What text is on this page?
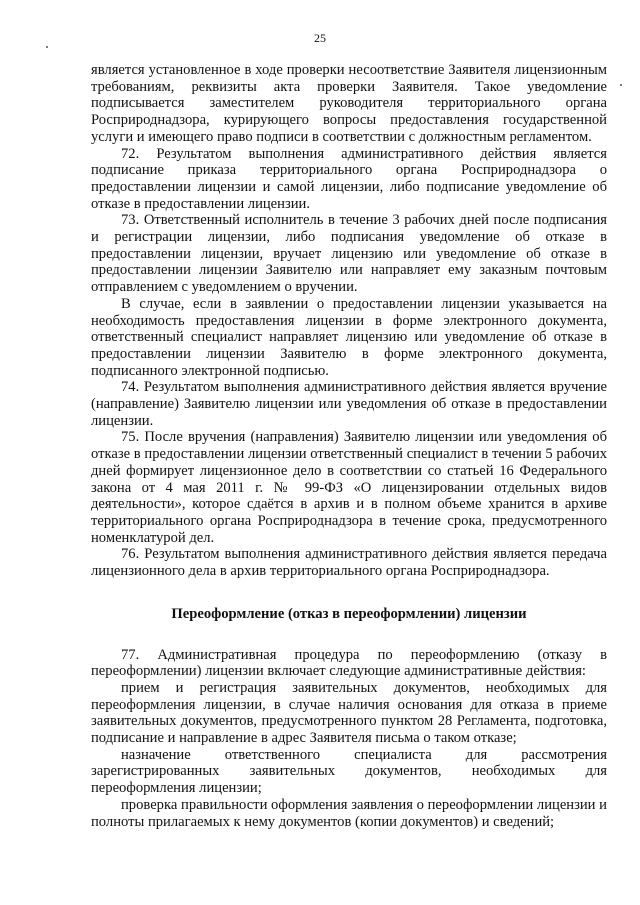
25

является установленное в ходе проверки несоответствие Заявителя лицензионным требованиям, реквизиты акта проверки Заявителя. Такое уведомление подписывается заместителем руководителя территориального органа Росприроднадзора, курирующего вопросы предоставления государственной услуги и имеющего право подписи в соответствии с должностным регламентом.

72. Результатом выполнения административного действия является подписание приказа территориального органа Росприроднадзора о предоставлении лицензии и самой лицензии, либо подписание уведомление об отказе в предоставлении лицензии.

73. Ответственный исполнитель в течение 3 рабочих дней после подписания и регистрации лицензии, либо подписания уведомление об отказе в предоставлении лицензии, вручает лицензию или уведомление об отказе в предоставлении лицензии Заявителю или направляет ему заказным почтовым отправлением с уведомлением о вручении.

В случае, если в заявлении о предоставлении лицензии указывается на необходимость предоставления лицензии в форме электронного документа, ответственный специалист направляет лицензию или уведомление об отказе в предоставлении лицензии Заявителю в форме электронного документа, подписанного электронной подписью.

74. Результатом выполнения административного действия является вручение (направление) Заявителю лицензии или уведомления об отказе в предоставлении лицензии.

75. После вручения (направления) Заявителю лицензии или уведомления об отказе в предоставлении лицензии ответственный специалист в течении 5 рабочих дней формирует лицензионное дело в соответствии со статьей 16 Федерального закона от 4 мая 2011 г. № 99-ФЗ «О лицензировании отдельных видов деятельности», которое сдаётся в архив и в полном объеме хранится в архиве территориального органа Росприроднадзора в течение срока, предусмотренного номенклатурой дел.

76. Результатом выполнения административного действия является передача лицензионного дела в архив территориального органа Росприроднадзора.

Переоформление (отказ в переоформлении) лицензии

77. Административная процедура по переоформлению (отказу в переоформлении) лицензии включает следующие административные действия:

прием и регистрация заявительных документов, необходимых для переоформления лицензии, в случае наличия основания для отказа в приеме заявительных документов, предусмотренного пунктом 28 Регламента, подготовка, подписание и направление в адрес Заявителя письма о таком отказе;

назначение ответственного специалиста для рассмотрения зарегистрированных заявительных документов, необходимых для переоформления лицензии;

проверка правильности оформления заявления о переоформлении лицензии и полноты прилагаемых к нему документов (копии документов) и сведений;
